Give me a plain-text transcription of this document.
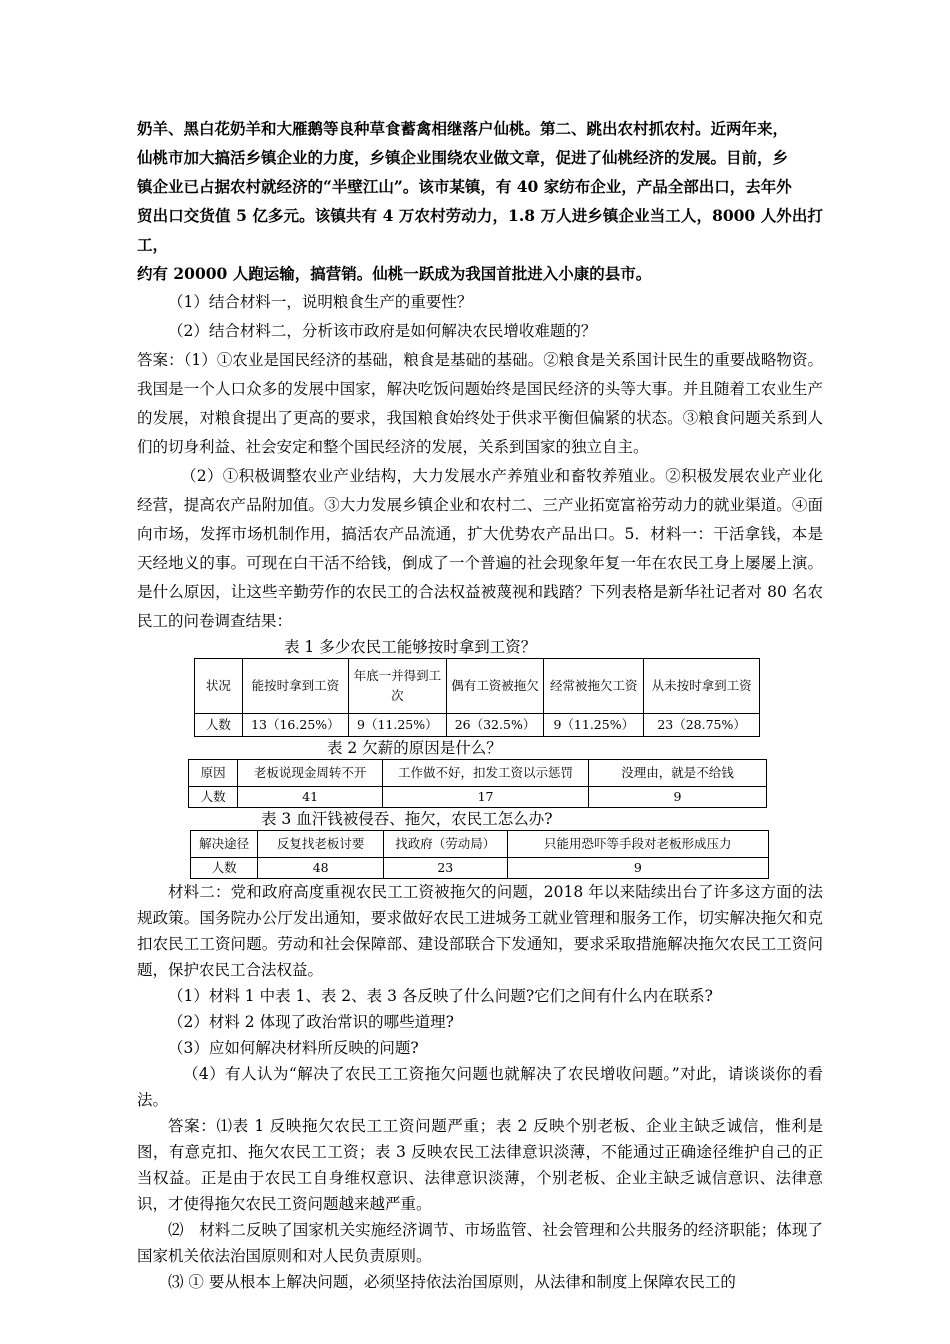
奶羊、黑白花奶羊和大雁鹅等良种草食蓄禽相继落户仙桃。第二、跳出农村抓农村。近两年来，

仙桃市加大搞活乡镇企业的力度，乡镇企业围绕农业做文章，促进了仙桃经济的发展。目前，乡

镇企业已占据农村就经济的“半壁江山”。该市某镇，有 40 家纺布企业，产品全部出口，去年外

贸出口交货值 5 亿多元。该镇共有 4 万农村劳动力，1.8 万人进乡镇企业当工人，8000 人外出打工，

约有 20000 人跑运输，搞营销。仙桃一跃成为我国首批进入小康的县市。

（1）结合材料一，说明粮食生产的重要性？

（2）结合材料二，分析该市政府是如何解决农民增收难题的？

答案：（1）①农业是国民经济的基础，粮食是基础的基础。②粮食是关系国计民生的重要战略物资。我国是一个人口众多的发展中国家，解决吃饭问题始终是国民经济的头等大事。并且随着工农业生产的发展，对粮食提出了更高的要求，我国粮食始终处于供求平衡但偏紧的状态。③粮食问题关系到人们的切身利益、社会安定和整个国民经济的发展，关系到国家的独立自主。

（2）①积极调整农业产业结构，大力发展水产养殖业和畜牧养殖业。②积极发展农业产业化经营，提高农产品附加值。③大力发展乡镇企业和农村二、三产业拓宽富裕劳动力的就业渠道。④面向市场，发挥市场机制作用，搞活农产品流通，扩大优势农产品出口。5．材料一：干活拿钱，本是天经地义的事。可现在白干活不给钱，倒成了一个普遍的社会现象年复一年在农民工身上屡屡上演。是什么原因，让这些辛勤劳作的农民工的合法权益被蔑视和践踏？下列表格是新华社记者对 80 名农民工的问卷调查结果：

表 1 多少农民工能够按时拿到工资？

状况	能按时拿到工资	年底一并得到工次	偶有工资被拖欠	经常被拖欠工资	从未按时拿到工资
人数	13（16.25%）	9（11.25%）	26（32.5%）	9（11.25%）	23（28.75%）

表 2 欠薪的原因是什么？

原因	老板说现金周转不开	工作做不好，扣发工资以示惩罚	没理由，就是不给钱
人数	41	17	9

表 3 血汗钱被侵吞、拖欠，农民工怎么办?

解决途径	反复找老板讨要	找政府（劳动局）	只能用恐吓等手段对老板形成压力
人数	48	23	9

材料二：党和政府高度重视农民工工资被拖欠的问题，2018 年以来陆续出台了许多这方面的法规政策。国务院办公厅发出通知，要求做好农民工进城务工就业管理和服务工作，切实解决拖欠和克扣农民工工资问题。劳动和社会保障部、建设部联合下发通知，要求采取措施解决拖欠农民工工资问题，保护农民工合法权益。

（1）材料 1 中表 1、表 2、表 3 各反映了什么问题?它们之间有什么内在联系?

（2）材料 2 体现了政治常识的哪些道理?

（3）应如何解决材料所反映的问题?

（4）有人认为“解决了农民工工资拖欠问题也就解决了农民增收问题。”对此，请谈谈你的看法。

答案：⑴表 1 反映拖欠农民工工资问题严重；表 2 反映个别老板、企业主缺乏诚信，惟利是图，有意克扣、拖欠农民工工资；表 3 反映农民工法律意识淡薄，不能通过正确途径维护自己的正当权益。正是由于农民工自身维权意识、法律意识淡薄，个别老板、企业主缺乏诚信意识、法律意识，才使得拖欠农民工资问题越来越严重。

⑵　材料二反映了国家机关实施经济调节、市场监管、社会管理和公共服务的经济职能；体现了国家机关依法治国原则和对人民负责原则。

⑶ ① 要从根本上解决问题，必须坚持依法治国原则，从法律和制度上保障农民工的
